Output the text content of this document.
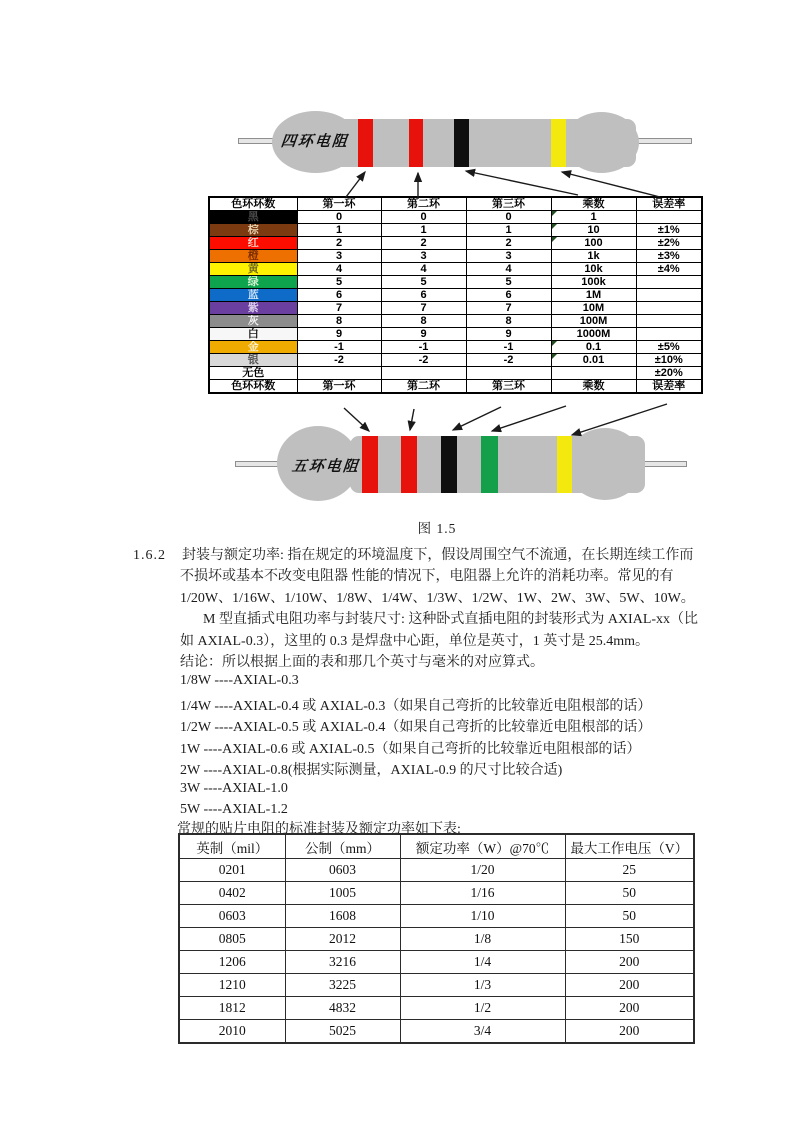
四环电阻
色环环数	第一环	第二环	第三环	乘数	误差率
黑	0	0	0	1

棕	1	1	1	10	±1%
红	2	2	2	100	±2%
橙	3	3	3	1k	±3%
黄	4	4	4	10k	±4%
绿	5	5	5	100k	
蓝	6	6	6	1M	
紫	7	7	7	10M	
灰	8	8	8	100M	
白	9	9	9	1000M	
金	-1	-1	-1	0.1	±5%
银	-2	-2	-2	0.01	±10%
无色					±20%
色环环数	第一环	第二环	第三环	乘数	误差率
五环电阻
图 1.5
1.6.2 封装与额定功率: 指在规定的环境温度下，假设周围空气不流通，在长期连续工作而
不损坏或基本不改变电阻器 性能的情况下，电阻器上允许的消耗功率。常见的有
1/20W、1/16W、1/10W、1/8W、1/4W、1/3W、1/2W、1W、2W、3W、5W、10W。
M 型直插式电阻功率与封装尺寸: 这种卧式直插电阻的封装形式为 AXIAL-xx（比
如 AXIAL-0.3），这里的 0.3 是焊盘中心距，单位是英寸，1 英寸是 25.4mm。
结论：所以根据上面的表和那几个英寸与毫米的对应算式。
1/8W ----AXIAL-0.3
1/4W ----AXIAL-0.4 或 AXIAL-0.3（如果自己弯折的比较靠近电阻根部的话）
1/2W ----AXIAL-0.5 或 AXIAL-0.4（如果自己弯折的比较靠近电阻根部的话）
1W ----AXIAL-0.6 或 AXIAL-0.5（如果自己弯折的比较靠近电阻根部的话）
2W ----AXIAL-0.8(根据实际测量，AXIAL-0.9 的尺寸比较合适)
3W ----AXIAL-1.0
5W ----AXIAL-1.2
常规的贴片电阻的标准封装及额定功率如下表:
英制（mil）	公制（mm）	额定功率（W）@70℃	最大工作电压（V）
0201	0603	1/20	25
0402	1005	1/16	50
0603	1608	1/10	50
0805	2012	1/8	150
1206	3216	1/4	200
1210	3225	1/3	200
1812	4832	1/2	200
2010	5025	3/4	200
